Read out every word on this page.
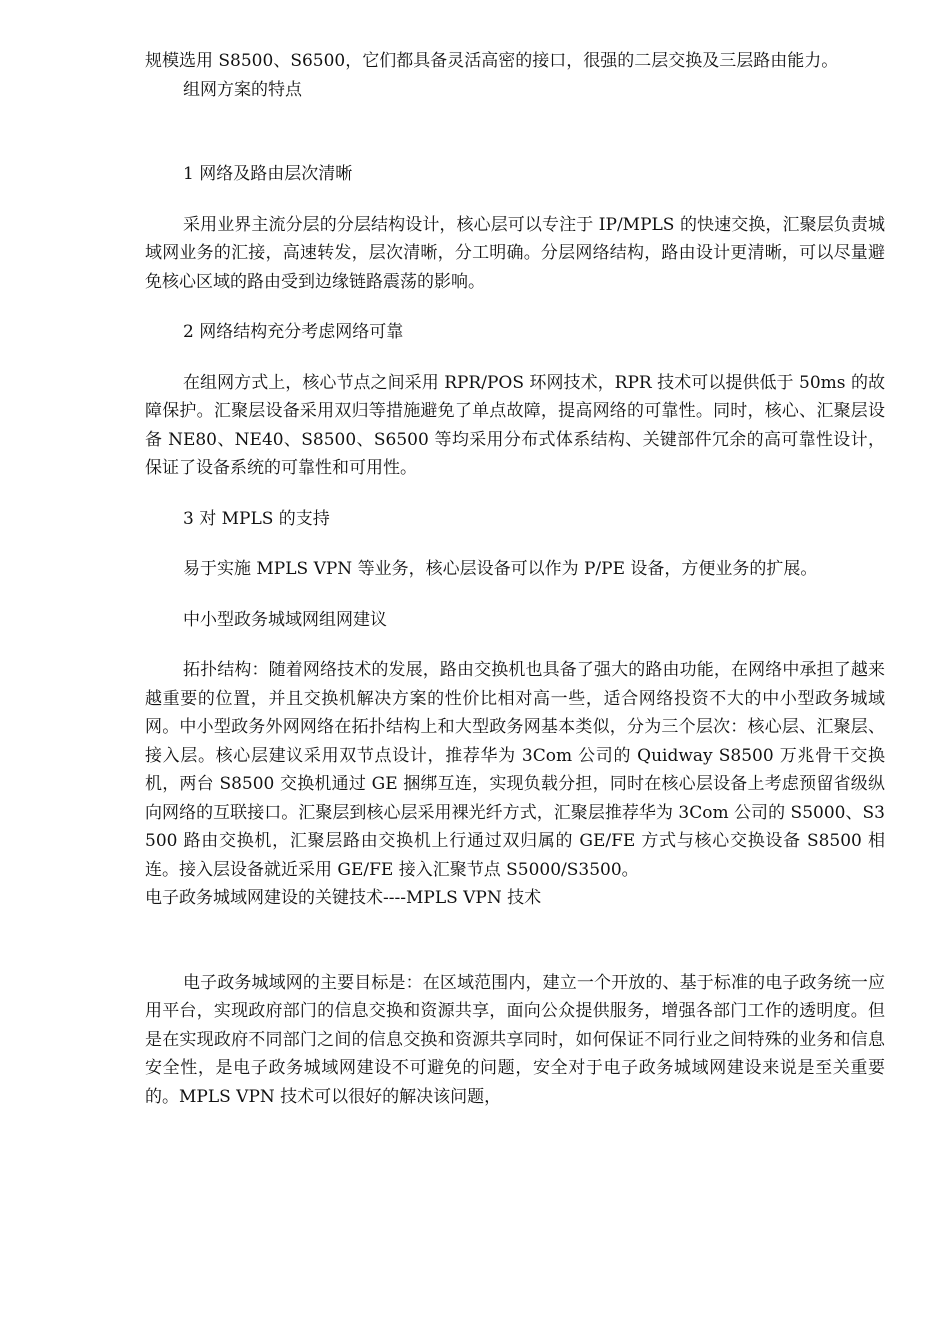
规模选用 S8500、S6500，它们都具备灵活高密的接口，很强的二层交换及三层路由能力。

组网方案的特点

1 网络及路由层次清晰

采用业界主流分层的分层结构设计，核心层可以专注于 IP/MPLS 的快速交换，汇聚层负责城域网业务的汇接，高速转发，层次清晰，分工明确。分层网络结构，路由设计更清晰，可以尽量避免核心区域的路由受到边缘链路震荡的影响。

2 网络结构充分考虑网络可靠

在组网方式上，核心节点之间采用 RPR/POS 环网技术，RPR 技术可以提供低于 50ms 的故障保护。汇聚层设备采用双归等措施避免了单点故障，提高网络的可靠性。同时，核心、汇聚层设备 NE80、NE40、S8500、S6500 等均采用分布式体系结构、关键部件冗余的高可靠性设计，保证了设备系统的可靠性和可用性。

3 对 MPLS 的支持

易于实施 MPLS VPN 等业务，核心层设备可以作为 P/PE 设备，方便业务的扩展。

中小型政务城域网组网建议

拓扑结构：随着网络技术的发展，路由交换机也具备了强大的路由功能，在网络中承担了越来越重要的位置，并且交换机解决方案的性价比相对高一些，适合网络投资不大的中小型政务城域网。中小型政务外网网络在拓扑结构上和大型政务网基本类似，分为三个层次：核心层、汇聚层、接入层。核心层建议采用双节点设计，推荐华为 3Com 公司的 Quidway S8500 万兆骨干交换机，两台 S8500 交换机通过 GE 捆绑互连，实现负载分担，同时在核心层设备上考虑预留省级纵向网络的互联接口。汇聚层到核心层采用裸光纤方式，汇聚层推荐华为 3Com 公司的 S5000、S3500 路由交换机，汇聚层路由交换机上行通过双归属的 GE/FE 方式与核心交换设备 S8500 相连。接入层设备就近采用 GE/FE 接入汇聚节点 S5000/S3500。

电子政务城域网建设的关键技术----MPLS VPN 技术

电子政务城域网的主要目标是：在区域范围内，建立一个开放的、基于标准的电子政务统一应用平台，实现政府部门的信息交换和资源共享，面向公众提供服务，增强各部门工作的透明度。但是在实现政府不同部门之间的信息交换和资源共享同时，如何保证不同行业之间特殊的业务和信息安全性，是电子政务城域网建设不可避免的问题，安全对于电子政务城域网建设来说是至关重要的。MPLS VPN 技术可以很好的解决该问题，
